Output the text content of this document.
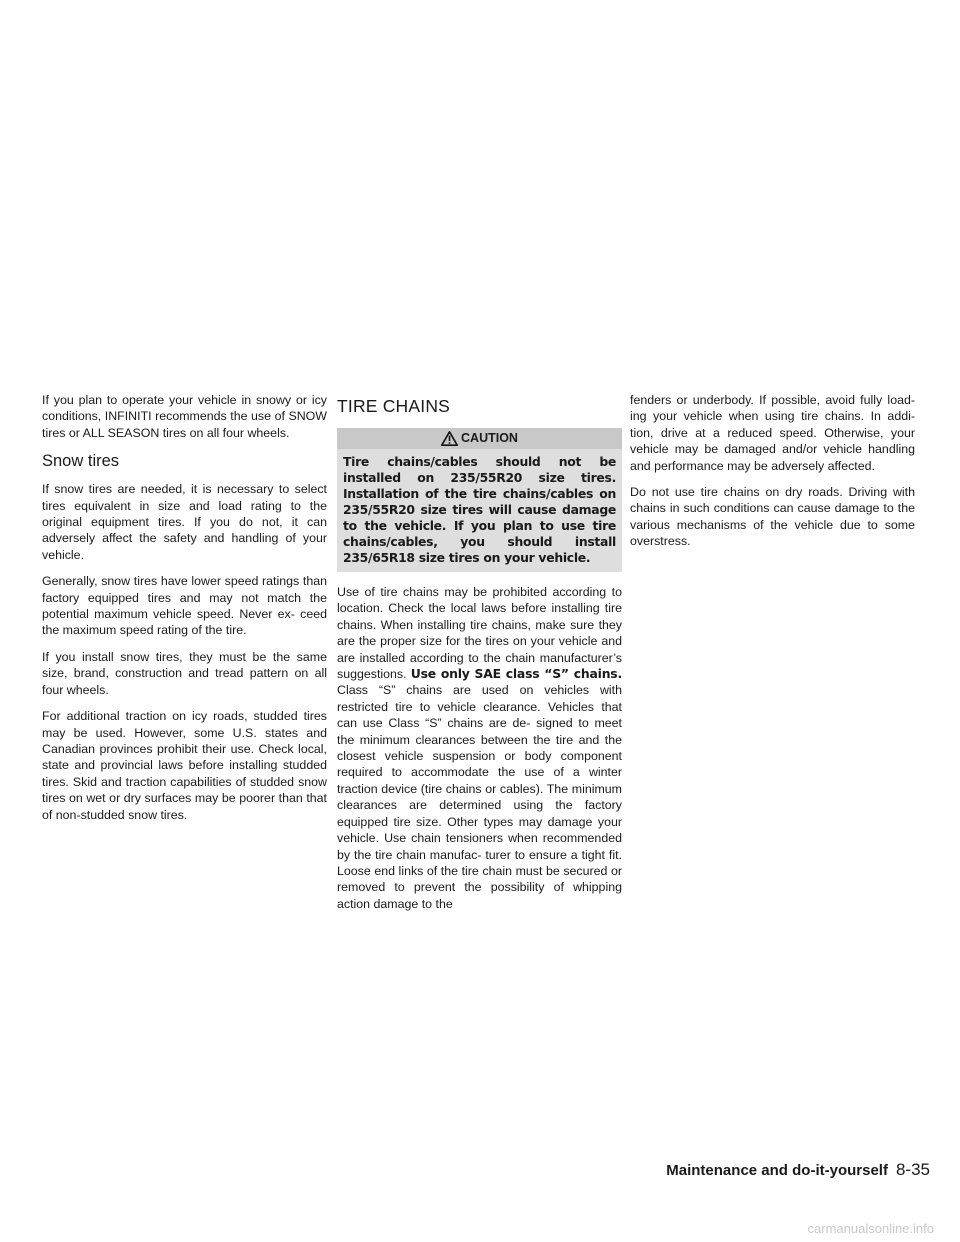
If you plan to operate your vehicle in snowy or icy conditions, INFINITI recommends the use of SNOW tires or ALL SEASON tires on all four wheels.

Snow tires

If snow tires are needed, it is necessary to select tires equivalent in size and load rating to the original equipment tires. If you do not, it can adversely affect the safety and handling of your vehicle.

Generally, snow tires have lower speed ratings than factory equipped tires and may not match the potential maximum vehicle speed. Never ex- ceed the maximum speed rating of the tire.

If you install snow tires, they must be the same size, brand, construction and tread pattern on all four wheels.

For additional traction on icy roads, studded tires may be used. However, some U.S. states and Canadian provinces prohibit their use. Check local, state and provincial laws before installing studded tires. Skid and traction capabilities of studded snow tires on wet or dry surfaces may be poorer than that of non-studded snow tires.

TIRE CHAINS
CAUTION
Tire chains/cables should not be installed on 235/55R20 size tires. Installation of the tire chains/cables on 235/55R20 size tires will cause damage to the vehicle. If you plan to use tire chains/cables, you should install 235/65R18 size tires on your vehicle.

Use of tire chains may be prohibited according to location. Check the local laws before installing tire chains. When installing tire chains, make sure they are the proper size for the tires on your vehicle and are installed according to the chain manufacturer’s suggestions. Use only SAE class “S” chains. Class “S” chains are used on vehicles with restricted tire to vehicle clearance. Vehicles that can use Class “S” chains are de- signed to meet the minimum clearances between the tire and the closest vehicle suspension or body component required to accommodate the use of a winter traction device (tire chains or cables). The minimum clearances are determined using the factory equipped tire size. Other types may damage your vehicle. Use chain tensioners when recommended by the tire chain manufac- turer to ensure a tight fit. Loose end links of the tire chain must be secured or removed to prevent the possibility of whipping action damage to the

fenders or underbody. If possible, avoid fully load- ing your vehicle when using tire chains. In addi- tion, drive at a reduced speed. Otherwise, your vehicle may be damaged and/or vehicle handling and performance may be adversely affected.

Do not use tire chains on dry roads. Driving with chains in such conditions can cause damage to the various mechanisms of the vehicle due to some overstress.

Maintenance and do-it-yourself 8-35
carmanualsonline.info
